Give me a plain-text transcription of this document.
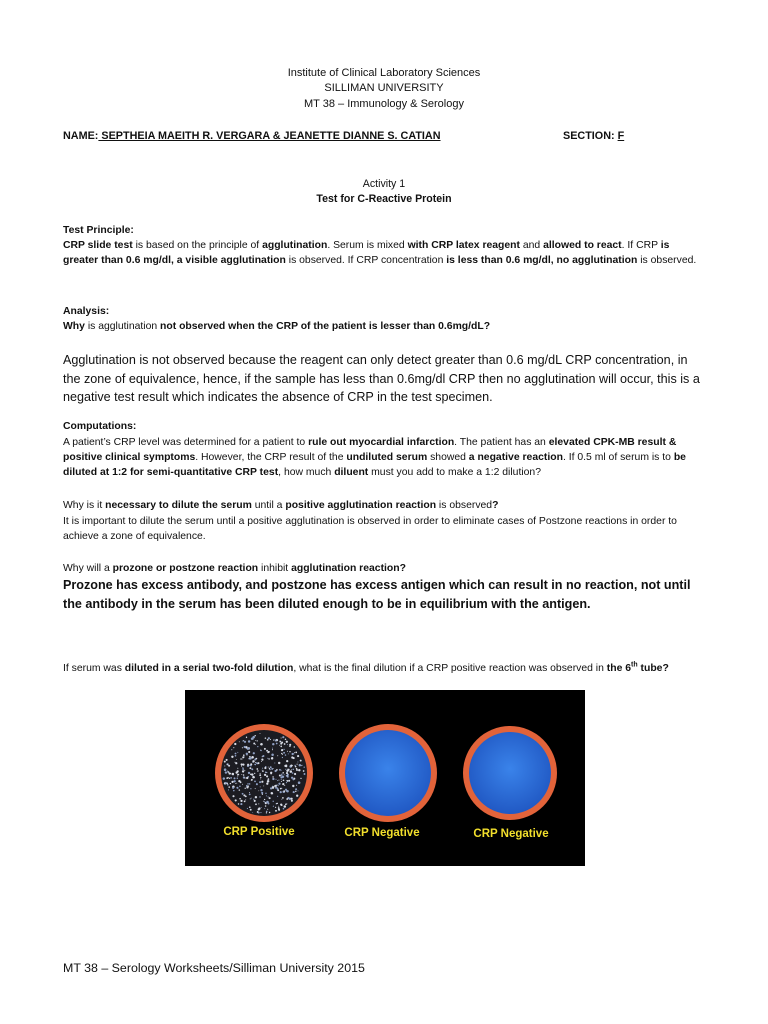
Institute of Clinical Laboratory Sciences
SILLIMAN UNIVERSITY
MT 38 – Immunology & Serology
NAME: SEPTHEIA MAEITH R. VERGARA & JEANETTE DIANNE S. CATIAN	SECTION: F
Activity 1
Test for C-Reactive Protein
Test Principle:
CRP slide test is based on the principle of agglutination. Serum is mixed with CRP latex reagent and allowed to react. If CRP is greater than 0.6 mg/dl, a visible agglutination is observed. If CRP concentration is less than 0.6 mg/dl, no agglutination is observed.
Analysis:
Why is agglutination not observed when the CRP of the patient is lesser than 0.6mg/dL?
Agglutination is not observed because the reagent can only detect greater than 0.6 mg/dL CRP concentration, in the zone of equivalence, hence, if the sample has less than 0.6mg/dl CRP then no agglutination will occur, this is a negative test result which indicates the absence of CRP in the test specimen.
Computations:
A patient’s CRP level was determined for a patient to rule out myocardial infarction. The patient has an elevated CPK-MB result & positive clinical symptoms. However, the CRP result of the undiluted serum showed a negative reaction. If 0.5 ml of serum is to be diluted at 1:2 for semi-quantitative CRP test, how much diluent must you add to make a 1:2 dilution?
Why is it necessary to dilute the serum until a positive agglutination reaction is observed?
It is important to dilute the serum until a positive agglutination is observed in order to eliminate cases of Postzone reactions in order to achieve a zone of equivalence.
Why will a prozone or postzone reaction inhibit agglutination reaction?
Prozone has excess antibody, and postzone has excess antigen which can result in no reaction, not until the antibody in the serum has been diluted enough to be in equilibrium with the antigen.
If serum was diluted in a serial two-fold dilution, what is the final dilution if a CRP positive reaction was observed in the 6th tube?
CRP Positive	CRP Negative	CRP Negative
MT 38 – Serology Worksheets/Silliman University 2015
